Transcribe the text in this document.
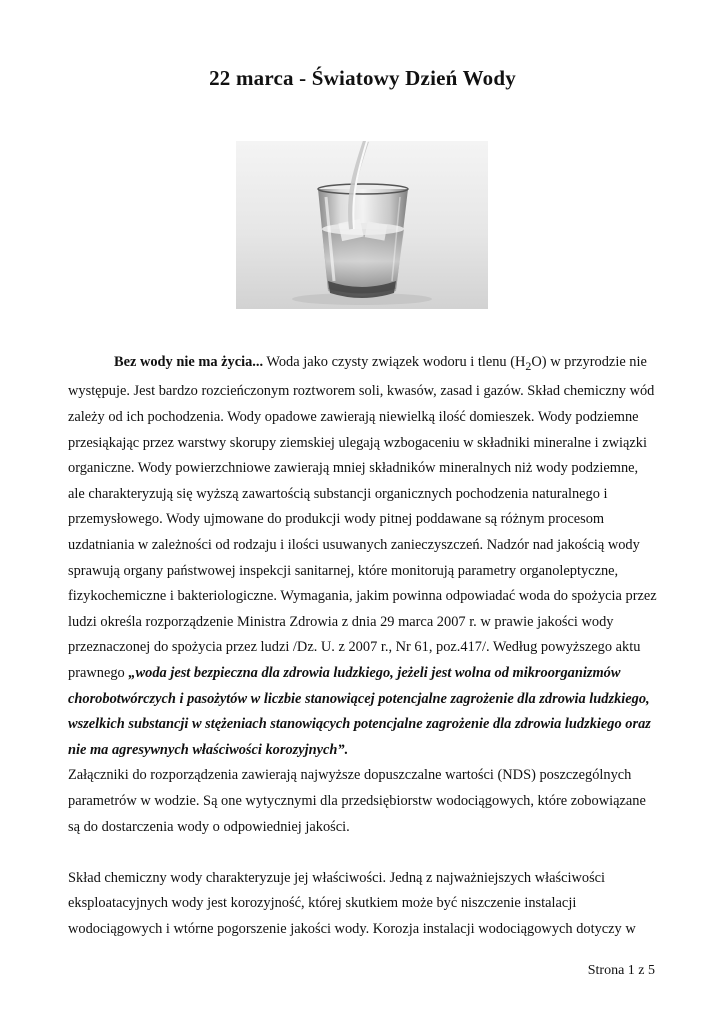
22 marca - Światowy Dzień Wody

Bez wody nie ma życia... Woda jako czysty związek wodoru i tlenu $(H_2O)$ w przyrodzie nie występuje. Jest bardzo rozcieńczonym roztworem soli, kwasów, zasad i gazów. Skład chemiczny wód zależy od ich pochodzenia. Wody opadowe zawierają niewielką ilość domieszek. Wody podziemne przesiąkając przez warstwy skorupy ziemskiej ulegają wzbogaceniu w składniki mineralne i związki organiczne. Wody powierzchniowe zawierają mniej składników mineralnych niż wody podziemne, ale charakteryzują się wyższą zawartością substancji organicznych pochodzenia naturalnego i przemysłowego. Wody ujmowane do produkcji wody pitnej poddawane są różnym procesom uzdatniania w zależności od rodzaju i ilości usuwanych zanieczyszczeń. Nadzór nad jakością wody sprawują organy państwowej inspekcji sanitarnej, które monitorują parametry organoleptyczne, fizykochemiczne i bakteriologiczne. Wymagania, jakim powinna odpowiadać woda do spożycia przez ludzi określa rozporządzenie Ministra Zdrowia z dnia 29 marca 2007 r. w prawie jakości wody przeznaczonej do spożycia przez ludzi /Dz. U. z 2007 r., Nr 61, poz.417/. Według powyższego aktu prawnego „woda jest bezpieczna dla zdrowia ludzkiego, jeżeli jest wolna od mikroorganizmów chorobotwórczych i pasożytów w liczbie stanowiącej potencjalne zagrożenie dla zdrowia ludzkiego, wszelkich substancji w stężeniach stanowiących potencjalne zagrożenie dla zdrowia ludzkiego oraz nie ma agresywnych właściwości korozyjnych”.

Załączniki do rozporządzenia zawierają najwyższe dopuszczalne wartości (NDS) poszczególnych parametrów w wodzie. Są one wytycznymi dla przedsiębiorstw wodociągowych, które zobowiązane są do dostarczenia wody o odpowiedniej jakości.

Skład chemiczny wody charakteryzuje jej właściwości. Jedną z najważniejszych właściwości eksploatacyjnych wody jest korozyjność, której skutkiem może być niszczenie instalacji wodociągowych i wtórne pogorszenie jakości wody. Korozja instalacji wodociągowych dotyczy w

Strona 1 z 5
